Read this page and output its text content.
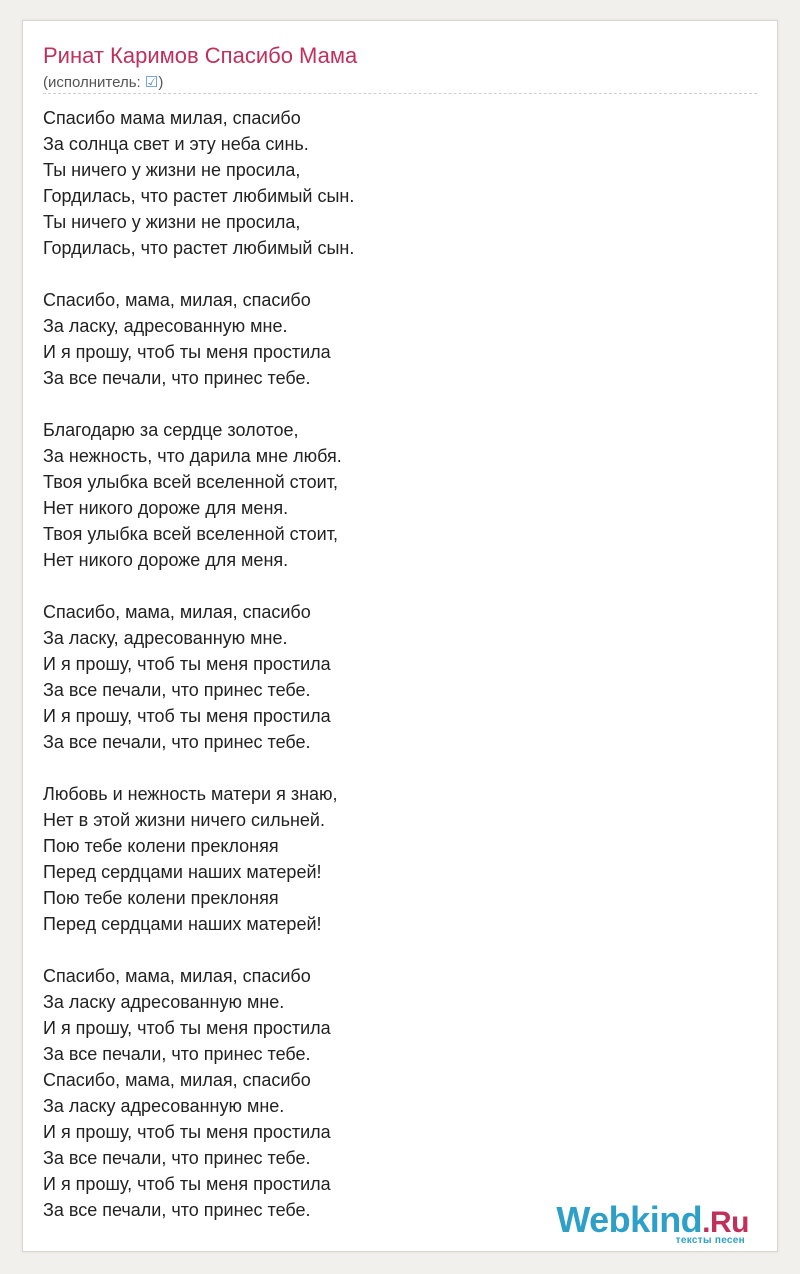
Ринат Каримов Спасибо Мама
(исполнитель: ☑)
Спасибо мама милая, спасибо
За солнца свет и эту неба синь.
Ты ничего у жизни не просила,
Гордилась, что растет любимый сын.
Ты ничего у жизни не просила,
Гордилась, что растет любимый сын.
Спасибо, мама, милая, спасибо
За ласку, адресованную мне.
И я прошу, чтоб ты меня простила
За все печали, что принес тебе.
Благодарю за сердце золотое,
За нежность, что дарила мне любя.
Твоя улыбка всей вселенной стоит,
Нет никого дороже для меня.
Твоя улыбка всей вселенной стоит,
Нет никого дороже для меня.
Спасибо, мама, милая, спасибо
За ласку, адресованную мне.
И я прошу, чтоб ты меня простила
За все печали, что принес тебе.
И я прошу, чтоб ты меня простила
За все печали, что принес тебе.
Любовь и нежность матери я знаю,
Нет в этой жизни ничего сильней.
Пою тебе колени преклоняя
Перед сердцами наших матерей!
Пою тебе колени преклоняя
Перед сердцами наших матерей!
Спасибо, мама, милая, спасибо
За ласку адресованную мне.
И я прошу, чтоб ты меня простила
За все печали, что принес тебе.
Спасибо, мама, милая, спасибо
За ласку адресованную мне.
И я прошу, чтоб ты меня простила
За все печали, что принес тебе.
И я прошу, чтоб ты меня простила
За все печали, что принес тебе.	Webkind.Ru
тексты песен
